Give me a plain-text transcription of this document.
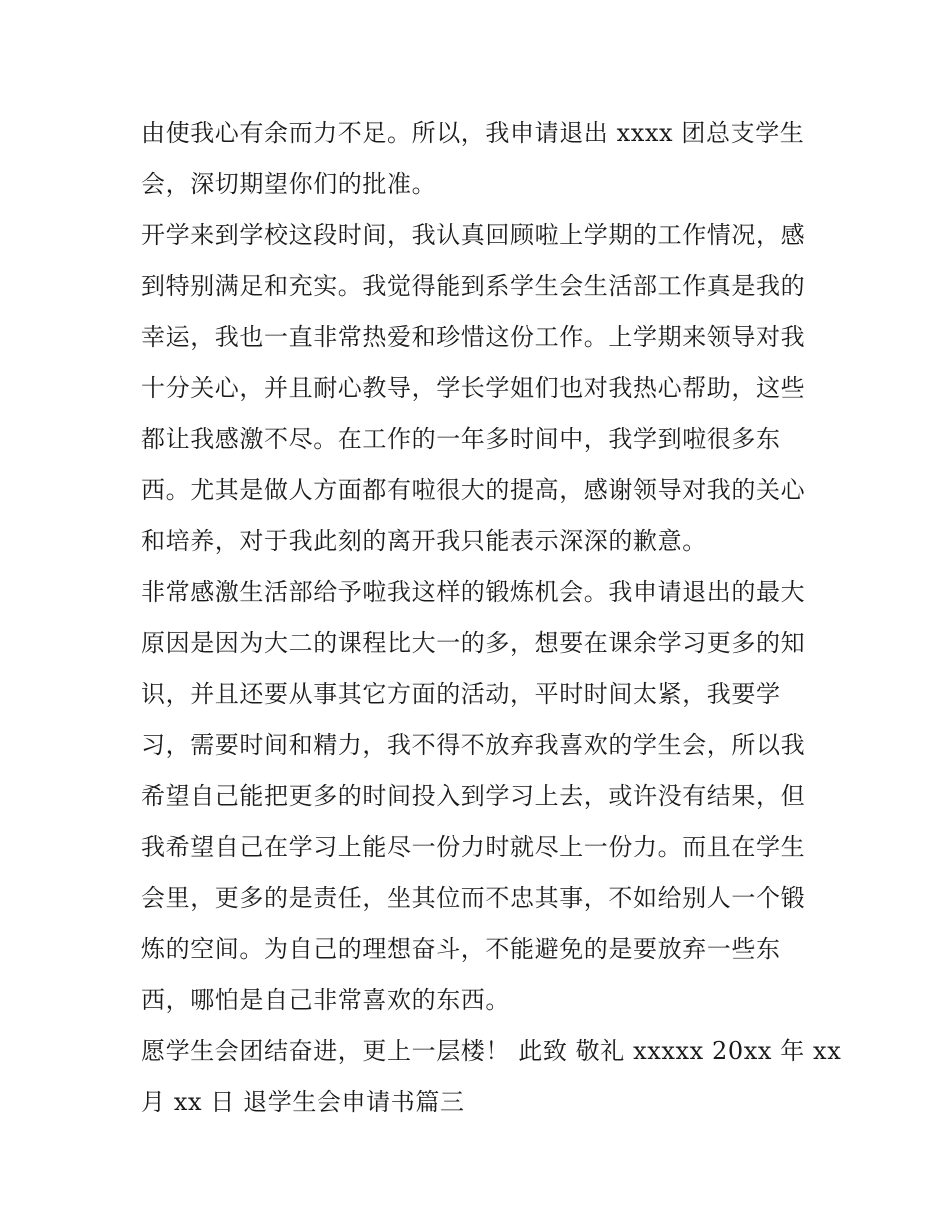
由使我心有余而力不足。所以，我申请退出 xxxx 团总支学生
会，深切期望你们的批准。
开学来到学校这段时间，我认真回顾啦上学期的工作情况，感
到特别满足和充实。我觉得能到系学生会生活部工作真是我的
幸运，我也一直非常热爱和珍惜这份工作。上学期来领导对我
十分关心，并且耐心教导，学长学姐们也对我热心帮助，这些
都让我感激不尽。在工作的一年多时间中，我学到啦很多东
西。尤其是做人方面都有啦很大的提高，感谢领导对我的关心
和培养，对于我此刻的离开我只能表示深深的歉意。
非常感激生活部给予啦我这样的锻炼机会。我申请退出的最大
原因是因为大二的课程比大一的多，想要在课余学习更多的知
识，并且还要从事其它方面的活动，平时时间太紧，我要学
习，需要时间和精力，我不得不放弃我喜欢的学生会，所以我
希望自己能把更多的时间投入到学习上去，或许没有结果，但
我希望自己在学习上能尽一份力时就尽上一份力。而且在学生
会里，更多的是责任，坐其位而不忠其事，不如给别人一个锻
炼的空间。为自己的理想奋斗，不能避免的是要放弃一些东
西，哪怕是自己非常喜欢的东西。
愿学生会团结奋进，更上一层楼！ 此致 敬礼 xxxxx 20xx 年 xx
月 xx 日 退学生会申请书篇三
